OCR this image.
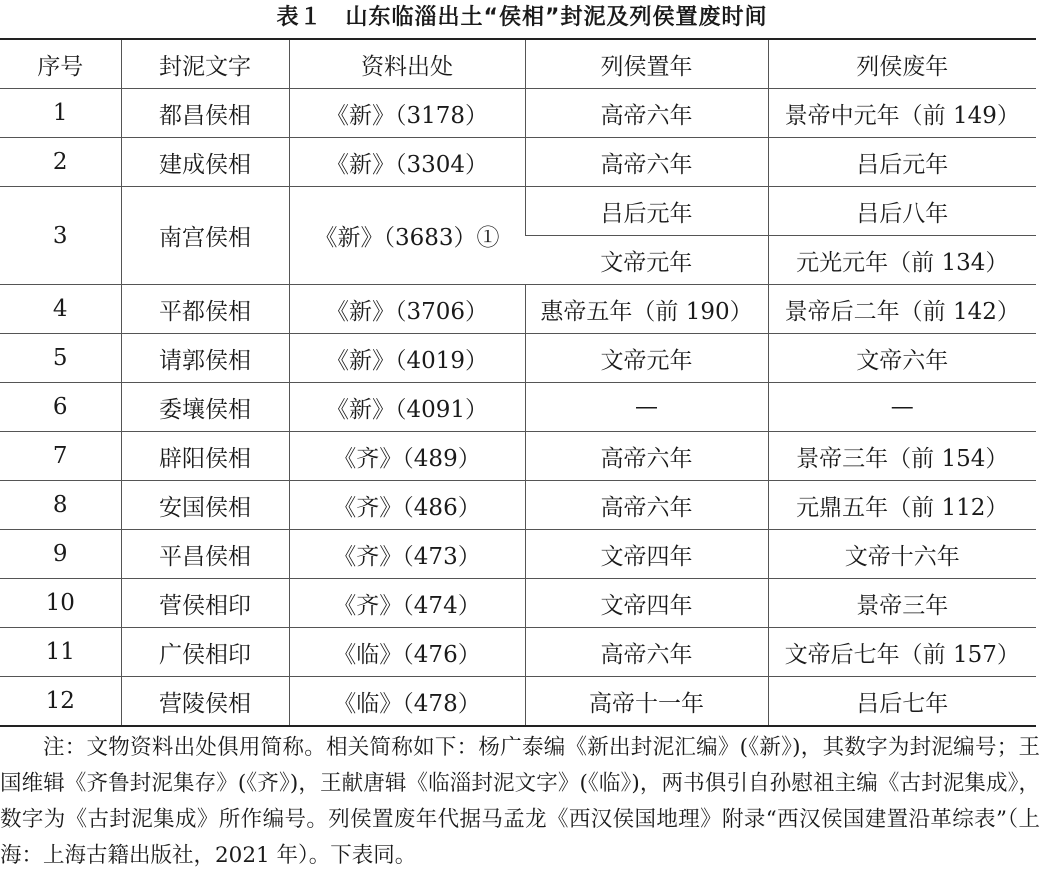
表１　山东临淄出土“侯相”封泥及列侯置废时间
序号	封泥文字	资料出处	列侯置年	列侯废年
1	都昌侯相	《新》（3178）	高帝六年	景帝中元年（前 149）
2	建成侯相	《新》（3304）	高帝六年	吕后元年
3	南宫侯相	《新》（3683）①	吕后元年	吕后八年
			文帝元年	元光元年（前 134）
4	平都侯相	《新》（3706）	惠帝五年（前 190）	景帝后二年（前 142）
5	请郭侯相	《新》（4019）	文帝元年	文帝六年
6	委壤侯相	《新》（4091）	—	—
7	辟阳侯相	《齐》（489）	高帝六年	景帝三年（前 154）
8	安国侯相	《齐》（486）	高帝六年	元鼎五年（前 112）
9	平昌侯相	《齐》（473）	文帝四年	文帝十六年
10	菅侯相印	《齐》（474）	文帝四年	景帝三年
11	广侯相印	《临》（476）	高帝六年	文帝后七年（前 157）
12	营陵侯相	《临》（478）	高帝十一年	吕后七年

注：文物资料出处俱用简称。相关简称如下：杨广泰编《新出封泥汇编》(《新》)，其数字为封泥编号；王国维辑《齐鲁封泥集存》(《齐》)，王献唐辑《临淄封泥文字》(《临》)，两书俱引自孙慰祖主编《古封泥集成》，数字为《古封泥集成》所作编号。列侯置废年代据马孟龙《西汉侯国地理》附录“西汉侯国建置沿革综表”（上海：上海古籍出版社，2021 年）。下表同。
